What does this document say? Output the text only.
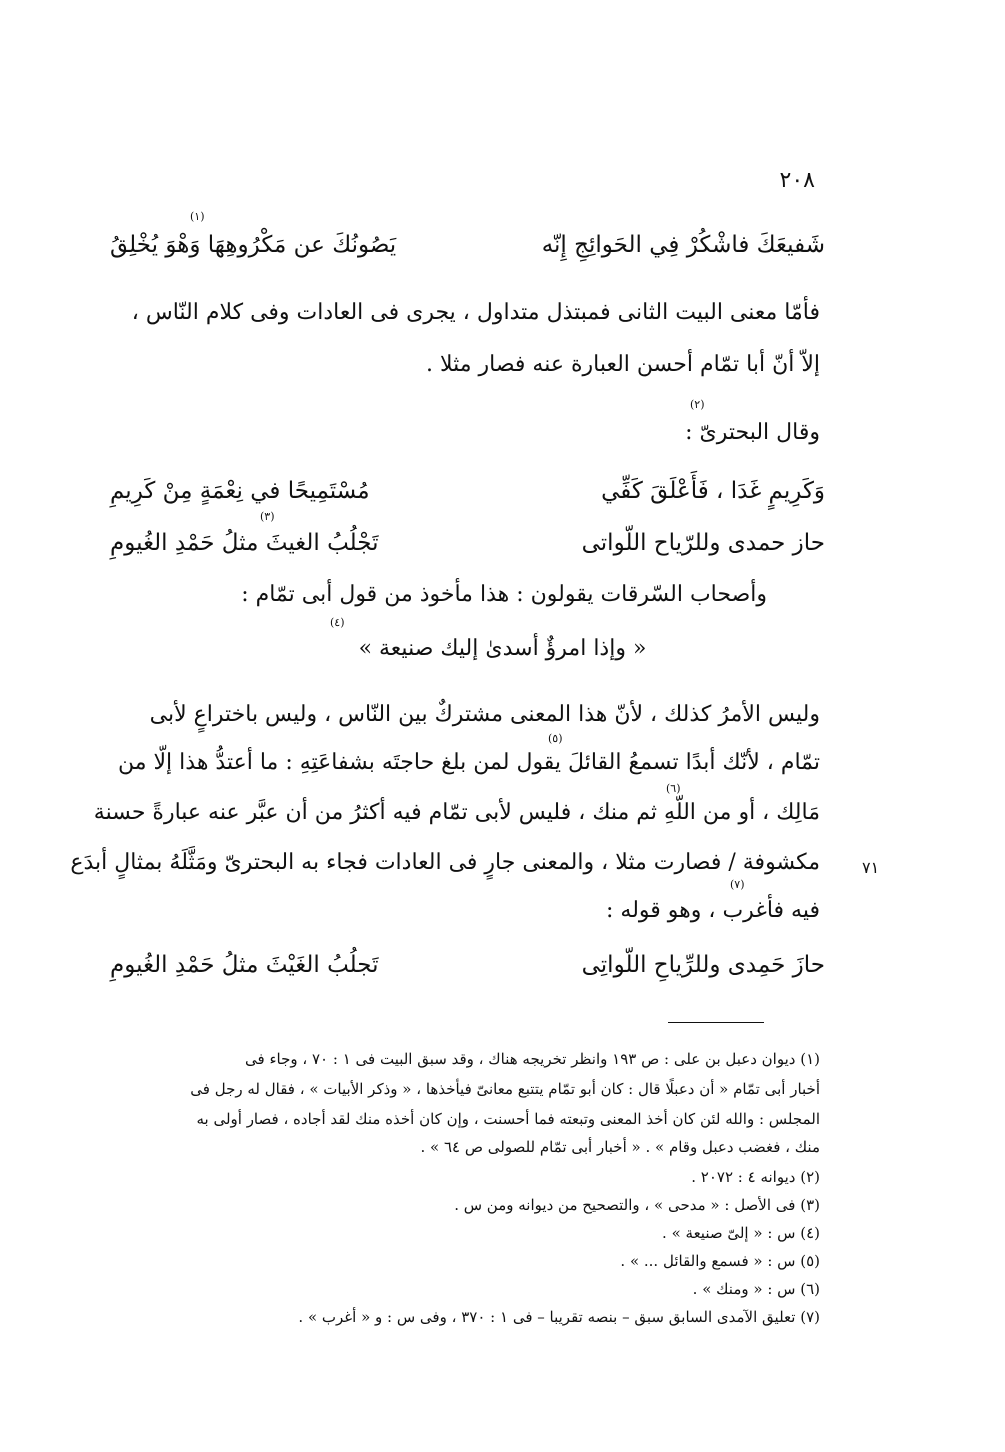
٢٠٨
شَفيعَكَ فاشْكُرْ فِي الحَوائِجِ إِنّه
يَصُونُكَ عن مَكْرُوهِهَا وَهْوَ يُخْلِقُ
(١)
فأمّا معنى البيت الثانى فمبتذل متداول ، يجرى فى العادات وفى كلام النّاس ،
إلاّ أنّ أبا تمّام أحسن العبارة عنه فصار مثلا .
وقال البحترىّ :
(٢)
وَكَرِيمٍ غَدَا ، فَأَعْلَقَ كَفِّي
مُسْتَمِيحًا في نِعْمَةٍ مِنْ كَرِيمِ
حاز حمدى وللرّياح اللّواتى
تَجْلُبُ الغيثَ مثلُ حَمْدِ الغُيومِ
(٣)
وأصحاب السّرقات يقولون : هذا مأخوذ من قول أبى تمّام :
(٤)
« وإذا امرؤٌ أسدىٰ إليك صنيعة »
وليس الأمرُ كذلك ، لأنّ هذا المعنى مشتركٌ بين النّاس ، وليس باختراعٍ لأبى
(٥)
تمّام ، لأنّك أبدًا تسمعُ القائلَ يقول لمن بلغ حاجتَه بشفاعَتِهِ : ما أعتدُّ هذا إلّا من
(٦)
مَالِك ، أو من اللّهِ ثم منك ، فليس لأبى تمّام فيه أكثرُ من أن عبَّر عنه عبارةً حسنة
مكشوفة / فصارت مثلا ، والمعنى جارٍ فى العادات فجاء به البحترىّ ومَثَّلَهُ بمثالٍ أبدَع	٧١
(٧)
فيه فأغرب ، وهو قوله :
حازَ حَمِدى وللرِّياحِ اللّواتِى
تَجلُبُ الغَيْثَ مثلُ حَمْدِ الغُيومِ
(١) ديوان دعبل بن على : ص ١٩٣ وانظر تخريجه هناك ، وقد سبق البيت فى ١ : ٧٠ ، وجاء فى
أخبار أبى تمّام « أن دعبلًا قال : كان أبو تمّام يتتبع معانىّ فيأخذها ، « وذكر الأبيات » ، فقال له رجل فى
المجلس : والله لئن كان أخذ المعنى وتبعته فما أحسنت ، وإن كان أخذه منك لقد أجاده ، فصار أولى به
منك ، فغضب دعبل وقام » . « أخبار أبى تمّام للصولى ص ٦٤ » .
(٢) ديوانه ٤ : ٢٠٧٢ .
(٣) فى الأصل : « مدحى » ، والتصحيح من ديوانه ومن س .
(٤) س : « إلىّ صنيعة » .
(٥) س : « فسمع والقائل ... » .
(٦) س : « ومنك » .
(٧) تعليق الآمدى السابق سبق – بنصه تقريبا – فى ١ : ٣٧٠ ، وفى س : و « أغرب » .
